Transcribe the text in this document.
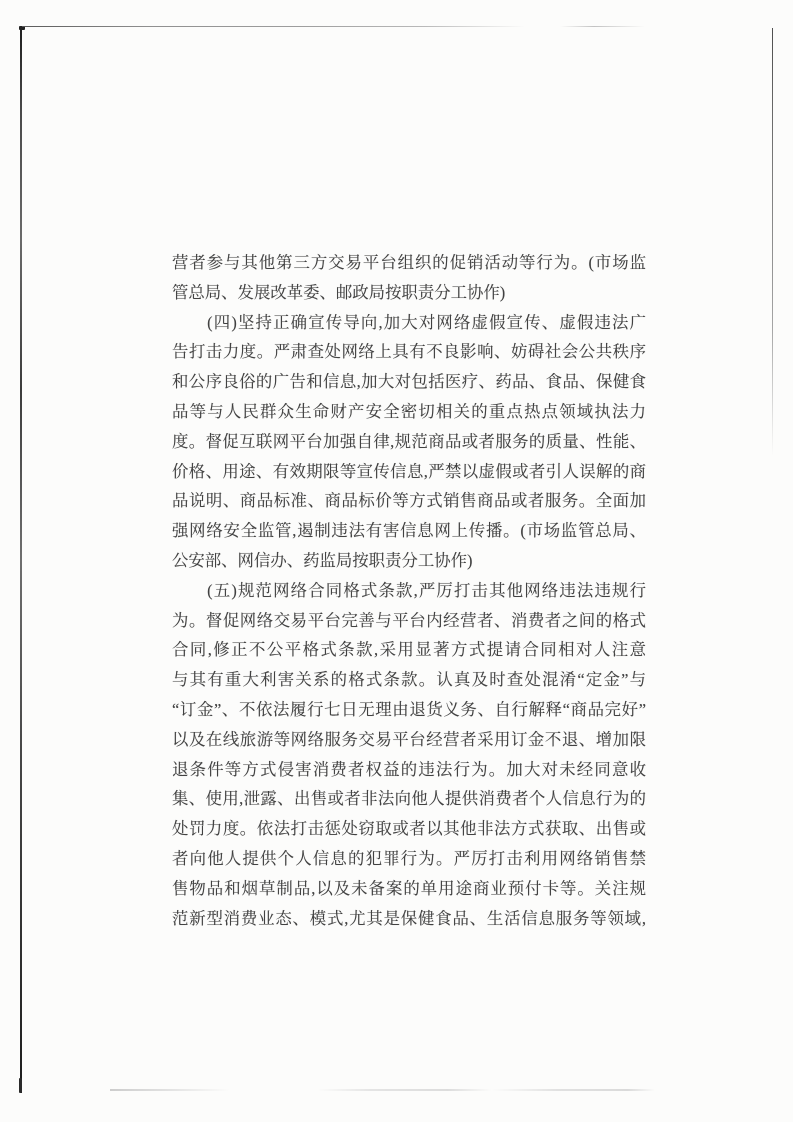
营者参与其他第三方交易平台组织的促销活动等行为。(市场监
管总局、发展改革委、邮政局按职责分工协作)
　　(四)坚持正确宣传导向,加大对网络虚假宣传、虚假违法广
告打击力度。严肃查处网络上具有不良影响、妨碍社会公共秩序
和公序良俗的广告和信息,加大对包括医疗、药品、食品、保健食
品等与人民群众生命财产安全密切相关的重点热点领域执法力
度。督促互联网平台加强自律,规范商品或者服务的质量、性能、
价格、用途、有效期限等宣传信息,严禁以虚假或者引人误解的商
品说明、商品标准、商品标价等方式销售商品或者服务。全面加
强网络安全监管,遏制违法有害信息网上传播。(市场监管总局、
公安部、网信办、药监局按职责分工协作)
　　(五)规范网络合同格式条款,严厉打击其他网络违法违规行
为。督促网络交易平台完善与平台内经营者、消费者之间的格式
合同,修正不公平格式条款,采用显著方式提请合同相对人注意
与其有重大利害关系的格式条款。认真及时查处混淆“定金”与
“订金”、不依法履行七日无理由退货义务、自行解释“商品完好”
以及在线旅游等网络服务交易平台经营者采用订金不退、增加限
退条件等方式侵害消费者权益的违法行为。加大对未经同意收
集、使用,泄露、出售或者非法向他人提供消费者个人信息行为的
处罚力度。依法打击惩处窃取或者以其他非法方式获取、出售或
者向他人提供个人信息的犯罪行为。严厉打击利用网络销售禁
售物品和烟草制品,以及未备案的单用途商业预付卡等。关注规
范新型消费业态、模式,尤其是保健食品、生活信息服务等领域,
